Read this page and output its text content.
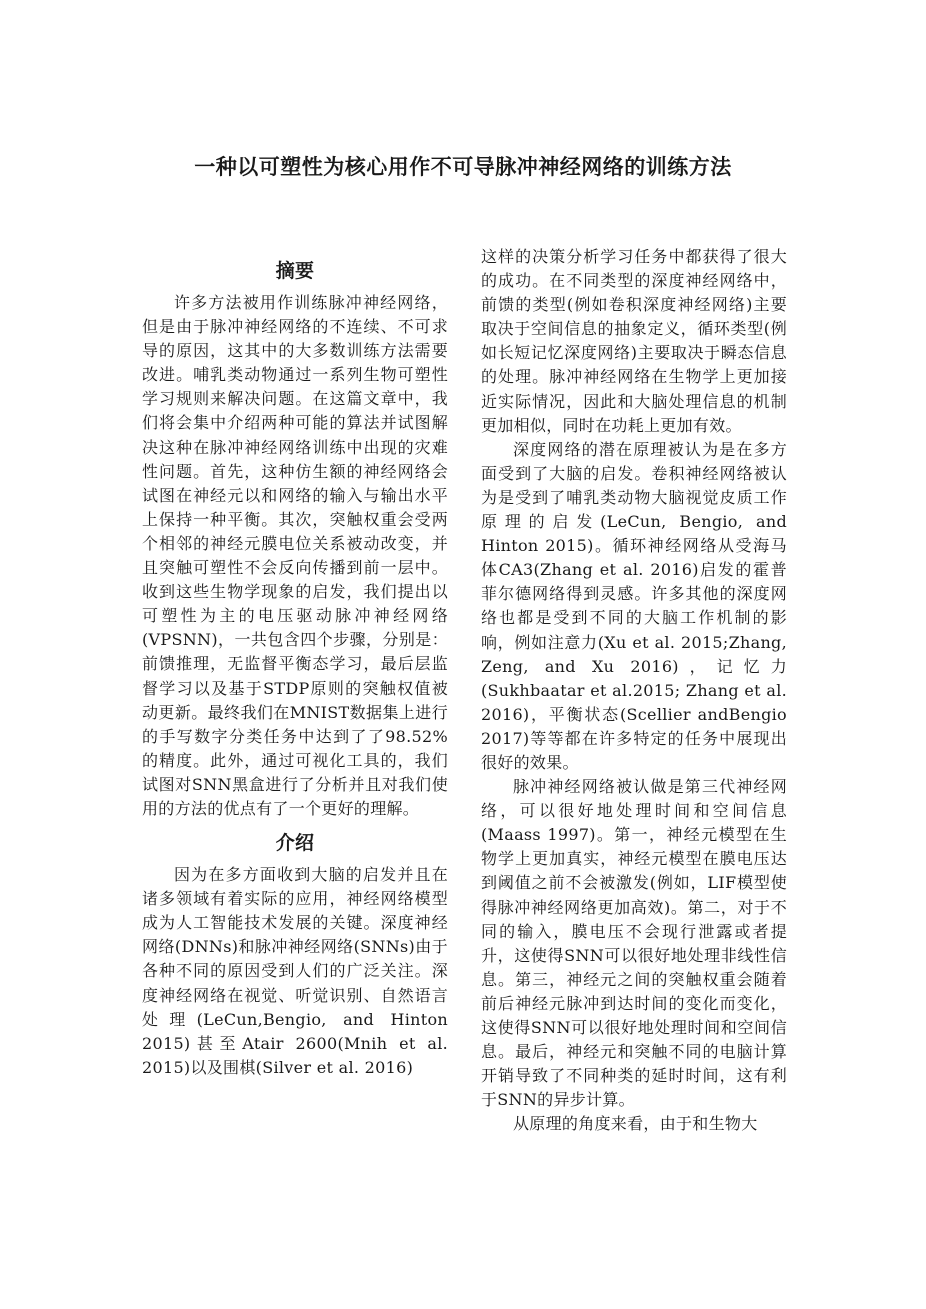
一种以可塑性为核心用作不可导脉冲神经网络的训练方法
摘要

许多方法被用作训练脉冲神经网络，但是由于脉冲神经网络的不连续、不可求导的原因，这其中的大多数训练方法需要改进。哺乳类动物通过一系列生物可塑性学习规则来解决问题。在这篇文章中，我们将会集中介绍两种可能的算法并试图解决这种在脉冲神经网络训练中出现的灾难性问题。首先，这种仿生额的神经网络会试图在神经元以和网络的输入与输出水平上保持一种平衡。其次，突触权重会受两个相邻的神经元膜电位关系被动改变，并且突触可塑性不会反向传播到前一层中。收到这些生物学现象的启发，我们提出以可塑性为主的电压驱动脉冲神经网络(VPSNN)，一共包含四个步骤，分别是：前馈推理，无监督平衡态学习，最后层监督学习以及基于STDP原则的突触权值被动更新。最终我们在MNIST数据集上进行的手写数字分类任务中达到了了98.52%的精度。此外，通过可视化工具的，我们试图对SNN黑盒进行了分析并且对我们使用的方法的优点有了一个更好的理解。

介绍

因为在多方面收到大脑的启发并且在诸多领域有着实际的应用，神经网络模型成为人工智能技术发展的关键。深度神经网络(DNNs)和脉冲神经网络(SNNs)由于各种不同的原因受到人们的广泛关注。深度神经网络在视觉、听觉识别、自然语言处理(LeCun,Bengio, and Hinton 2015)甚至Atair 2600(Mnih et al. 2015)以及围棋(Silver et al. 2016)

这样的决策分析学习任务中都获得了很大的成功。在不同类型的深度神经网络中，前馈的类型(例如卷积深度神经网络)主要取决于空间信息的抽象定义，循环类型(例如长短记忆深度网络)主要取决于瞬态信息的处理。脉冲神经网络在生物学上更加接近实际情况，因此和大脑处理信息的机制更加相似，同时在功耗上更加有效。

深度网络的潜在原理被认为是在多方面受到了大脑的启发。卷积神经网络被认为是受到了哺乳类动物大脑视觉皮质工作原理的启发(LeCun, Bengio, and Hinton 2015)。循环神经网络从受海马体CA3(Zhang et al. 2016)启发的霍普菲尔德网络得到灵感。许多其他的深度网络也都是受到不同的大脑工作机制的影响，例如注意力(Xu et al. 2015;Zhang, Zeng, and Xu 2016)，记忆力(Sukhbaatar et al.2015; Zhang et al. 2016)，平衡状态(Scellier andBengio 2017)等等都在许多特定的任务中展现出很好的效果。

脉冲神经网络被认做是第三代神经网络，可以很好地处理时间和空间信息(Maass 1997)。第一，神经元模型在生物学上更加真实，神经元模型在膜电压达到阈值之前不会被激发(例如，LIF模型使得脉冲神经网络更加高效)。第二，对于不同的输入，膜电压不会现行泄露或者提升，这使得SNN可以很好地处理非线性信息。第三，神经元之间的突触权重会随着前后神经元脉冲到达时间的变化而变化，这使得SNN可以很好地处理时间和空间信息。最后，神经元和突触不同的电脑计算开销导致了不同种类的延时时间，这有利于SNN的异步计算。

从原理的角度来看，由于和生物大
